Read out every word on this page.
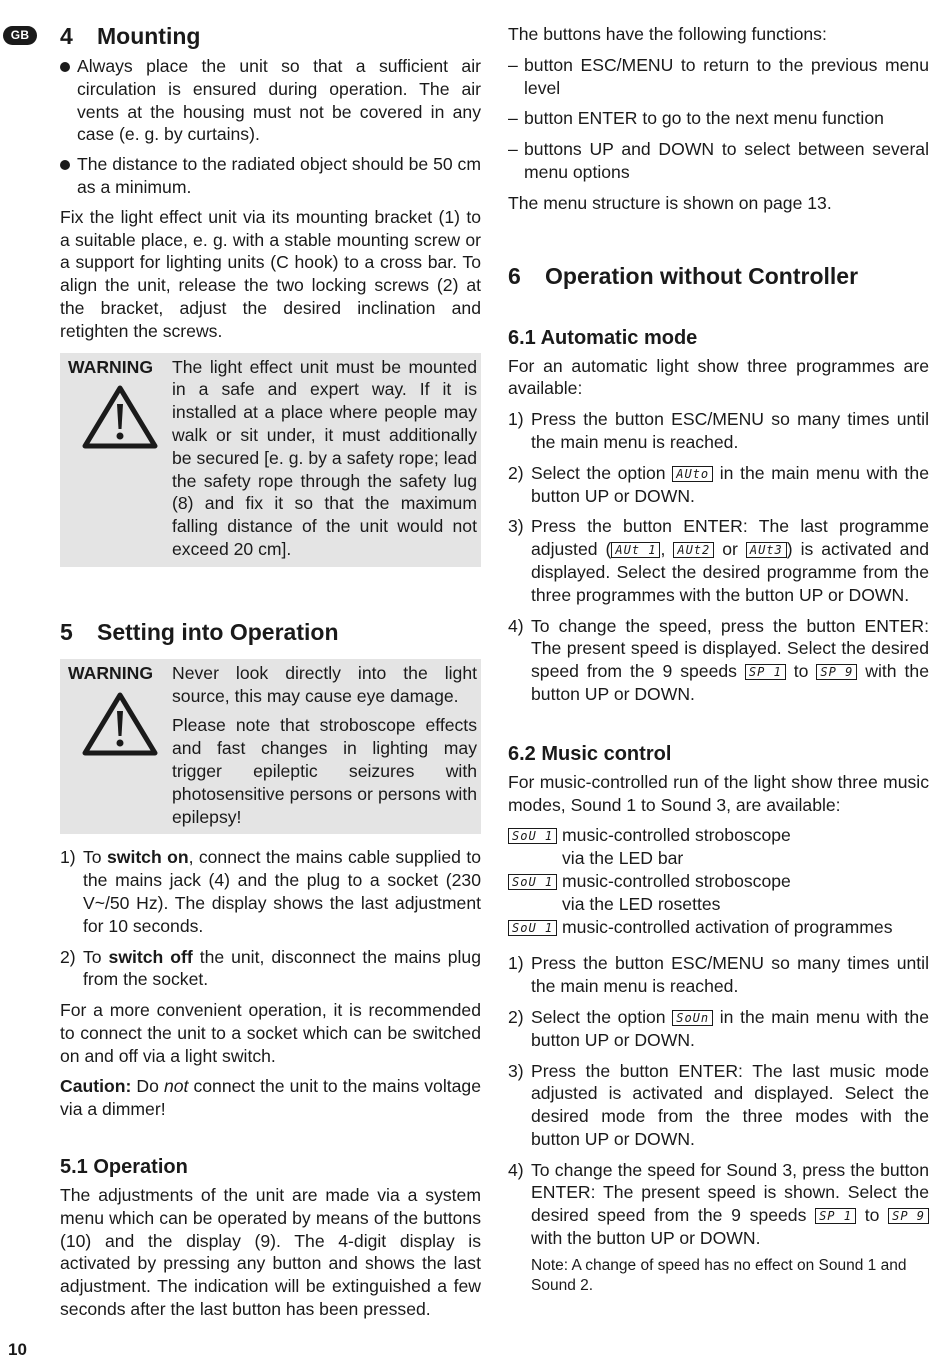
GB
10
4 Mounting

Always place the unit so that a sufficient air circulation is ensured during operation. The air vents at the housing must not be covered in any case (e. g. by curtains).

The distance to the radiated object should be 50 cm as a minimum.

Fix the light effect unit via its mounting bracket (1) to a suitable place, e. g. with a stable mounting screw or a support for lighting units (C hook) to a cross bar. To align the unit, release the two locking screws (2) at the bracket, adjust the desired inclination and retighten the screws.

WARNING	The light effect unit must be mounted in a safe and expert way. If it is installed at a place where people may walk or sit under, it must additionally be secured [e. g. by a safety rope; lead the safety rope through the safety lug (8) and fix it so that the maximum falling distance of the unit would not exceed 20 cm].

5 Setting into Operation
WARNING	Never look directly into the light source, this may cause eye damage.

Please note that stroboscope effects and fast changes in lighting may trigger epileptic seizures with photosensitive persons or persons with epilepsy!

1) To switch on, connect the mains cable supplied to the mains jack (4) and the plug to a socket (230 V~/50 Hz). The display shows the last adjustment for 10 seconds.

2) To switch off the unit, disconnect the mains plug from the socket.

For a more convenient operation, it is recommended to connect the unit to a socket which can be switched on and off via a light switch.

Caution: Do not connect the unit to the mains voltage via a dimmer!

5.1 Operation

The adjustments of the unit are made via a system menu which can be operated by means of the buttons (10) and the display (9). The 4-digit display is activated by pressing any button and shows the last adjustment. The indication will be extinguished a few seconds after the last button has been pressed.

The buttons have the following functions:

– button ESC/MENU to return to the previous menu level

– button ENTER to go to the next menu function

– buttons UP and DOWN to select between several menu options

The menu structure is shown on page 13.

6 Operation without Controller
6.1 Automatic mode

For an automatic light show three programmes are available:

1) Press the button ESC/MENU so many times until the main menu is reached.

2) Select the option AUto in the main menu with the button UP or DOWN.

3) Press the button ENTER: The last programme adjusted ( AUt 1 , AUt2 or AUt3 ) is activated and displayed. Select the desired programme from the three programmes with the button UP or DOWN.

4) To change the speed, press the button ENTER: The present speed is displayed. Select the desired speed from the 9 speeds SP 1 to SP 9 with the button UP or DOWN.

6.2 Music control

For music-controlled run of the light show three music modes, Sound 1 to Sound 3, are available:

SoU 1 music-controlled stroboscope via the LED bar
SoU 1 music-controlled stroboscope via the LED rosettes
SoU 1 music-controlled activation of programmes

1) Press the button ESC/MENU so many times until the main menu is reached.

2) Select the option SoUn in the main menu with the button UP or DOWN.

3) Press the button ENTER: The last music mode adjusted is activated and displayed. Select the desired mode from the three modes with the button UP or DOWN.

4) To change the speed for Sound 3, press the button ENTER: The present speed is shown. Select the desired speed from the 9 speeds SP 1 to SP 9 with the button UP or DOWN.

Note: A change of speed has no effect on Sound 1 and Sound 2.
